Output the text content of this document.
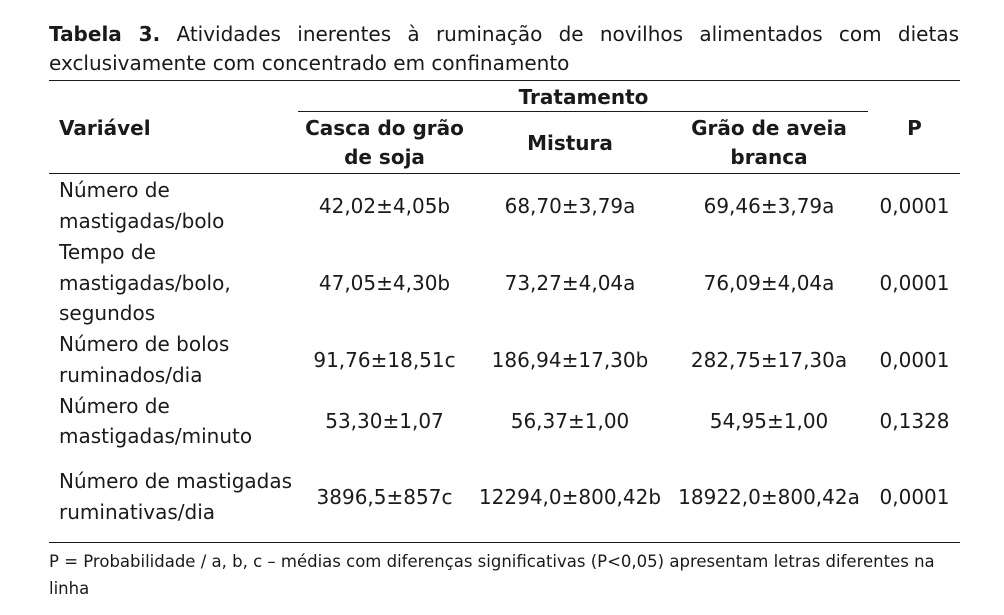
Tabela 3. Atividades inerentes à ruminação de novilhos alimentados com dietas exclusivamente com concentrado em confinamento
Variável	Tratamento			P
	Casca do grão de soja	Mistura	Grão de aveia branca	
Número de mastigadas/bolo	42,02±4,05b	68,70±3,79a	69,46±3,79a	0,0001
Tempo de mastigadas/bolo, segundos	47,05±4,30b	73,27±4,04a	76,09±4,04a	0,0001
Número de bolos ruminados/dia	91,76±18,51c	186,94±17,30b	282,75±17,30a	0,0001
Número de mastigadas/minuto	53,30±1,07	56,37±1,00	54,95±1,00	0,1328
Número de mastigadas ruminativas/dia	3896,5±857c	12294,0±800,42b	18922,0±800,42a	0,0001
P = Probabilidade / a, b, c – médias com diferenças significativas (P<0,05) apresentam letras diferentes na linha
